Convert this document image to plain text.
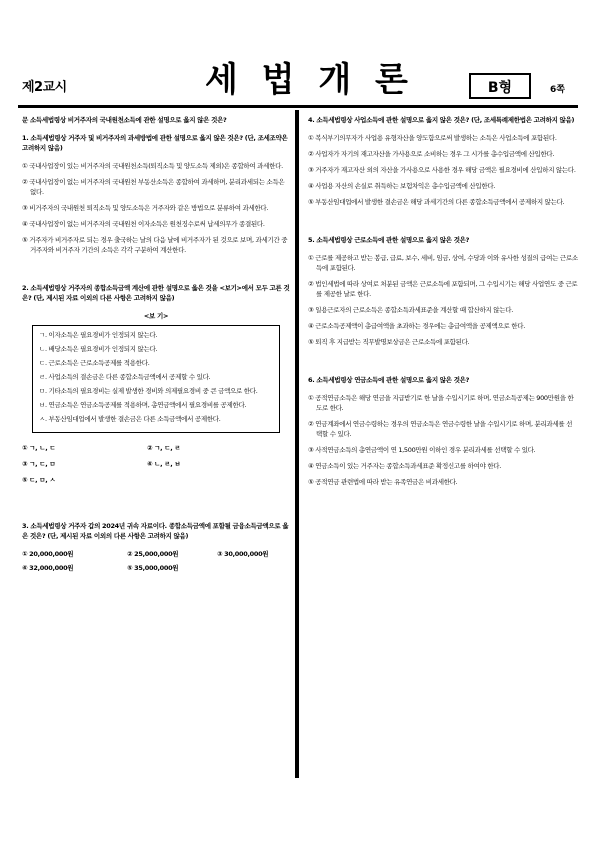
제2교시	세 법 개 론	B형	6쪽
문 소득세법령상 비거주자의 국내원천소득에 관한 설명으로 옳지 않은 것은?
1. 소득세법령상 거주자 및 비거주자의 과세방법에 관한 설명으로 옳지 않은 것은? (단, 조세조약은 고려하지 않음)
① 국내사업장이 있는 비거주자의 국내원천소득(퇴직소득 및 양도소득 제외)은 종합하여 과세한다.
② 국내사업장이 없는 비거주자의 국내원천 부동산소득은 종합하여 과세하며, 분리과세되는 소득은 없다.
③ 비거주자의 국내원천 퇴직소득 및 양도소득은 거주자와 같은 방법으로 분류하여 과세한다.
④ 국내사업장이 없는 비거주자의 국내원천 이자소득은 원천징수로써 납세의무가 종결된다.
⑤ 거주자가 비거주자로 되는 경우 출국하는 날의 다음 날에 비거주자가 된 것으로 보며, 과세기간 중 거주자와 비거주자 기간의 소득은 각각 구분하여 계산한다.
2. 소득세법령상 거주자의 종합소득금액 계산에 관한 설명으로 옳은 것을 <보기>에서 모두 고른 것은? (단, 제시된 자료 이외의 다른 사항은 고려하지 않음)
<보 기>
ㄱ. 이자소득은 필요경비가 인정되지 않는다.
ㄴ. 배당소득은 필요경비가 인정되지 않는다.
ㄷ. 근로소득은 근로소득공제를 적용한다.
ㄹ. 사업소득의 결손금은 다른 종합소득금액에서 공제할 수 있다.
ㅁ. 기타소득의 필요경비는 실제 발생한 경비와 의제필요경비 중 큰 금액으로 한다.
ㅂ. 연금소득은 연금소득공제를 적용하며, 총연금액에서 필요경비를 공제한다.
ㅅ. 부동산임대업에서 발생한 결손금은 다른 소득금액에서 공제한다.
① ㄱ, ㄴ, ㄷ	② ㄱ, ㄷ, ㄹ
③ ㄱ, ㄷ, ㅁ	④ ㄴ, ㄹ, ㅂ
⑤ ㄷ, ㅁ, ㅅ
3. 소득세법령상 거주자 갑의 2024년 귀속 자료이다. 종합소득금액에 포함될 금융소득금액으로 옳은 것은? (단, 제시된 자료 이외의 다른 사항은 고려하지 않음)
① 20,000,000원	② 25,000,000원	③ 30,000,000원
④ 32,000,000원	⑤ 35,000,000원
4. 소득세법령상 사업소득에 관한 설명으로 옳지 않은 것은? (단, 조세특례제한법은 고려하지 않음)
① 복식부기의무자가 사업용 유형자산을 양도함으로써 발생하는 소득은 사업소득에 포함된다.
② 사업자가 자기의 재고자산을 가사용으로 소비하는 경우 그 시가를 총수입금액에 산입한다.
③ 거주자가 재고자산 외의 자산을 가사용으로 사용한 경우 해당 금액은 필요경비에 산입하지 않는다.
④ 사업용 자산의 손실로 취득하는 보험차익은 총수입금액에 산입한다.
⑤ 부동산임대업에서 발생한 결손금은 해당 과세기간의 다른 종합소득금액에서 공제하지 않는다.
5. 소득세법령상 근로소득에 관한 설명으로 옳지 않은 것은?
① 근로를 제공하고 받는 봉급, 급료, 보수, 세비, 임금, 상여, 수당과 이와 유사한 성질의 급여는 근로소득에 포함된다.
② 법인세법에 따라 상여로 처분된 금액은 근로소득에 포함되며, 그 수입시기는 해당 사업연도 중 근로를 제공한 날로 한다.
③ 일용근로자의 근로소득은 종합소득과세표준을 계산할 때 합산하지 않는다.
④ 근로소득공제액이 총급여액을 초과하는 경우에는 총급여액을 공제액으로 한다.
⑤ 퇴직 후 지급받는 직무발명보상금은 근로소득에 포함된다.
6. 소득세법령상 연금소득에 관한 설명으로 옳지 않은 것은?
① 공적연금소득은 해당 연금을 지급받기로 한 날을 수입시기로 하며, 연금소득공제는 900만원을 한도로 한다.
② 연금계좌에서 연금수령하는 경우의 연금소득은 연금수령한 날을 수입시기로 하며, 분리과세를 선택할 수 있다.
③ 사적연금소득의 총연금액이 연 1,500만원 이하인 경우 분리과세를 선택할 수 있다.
④ 연금소득이 있는 거주자는 종합소득과세표준 확정신고를 하여야 한다.
⑤ 공적연금 관련법에 따라 받는 유족연금은 비과세한다.
